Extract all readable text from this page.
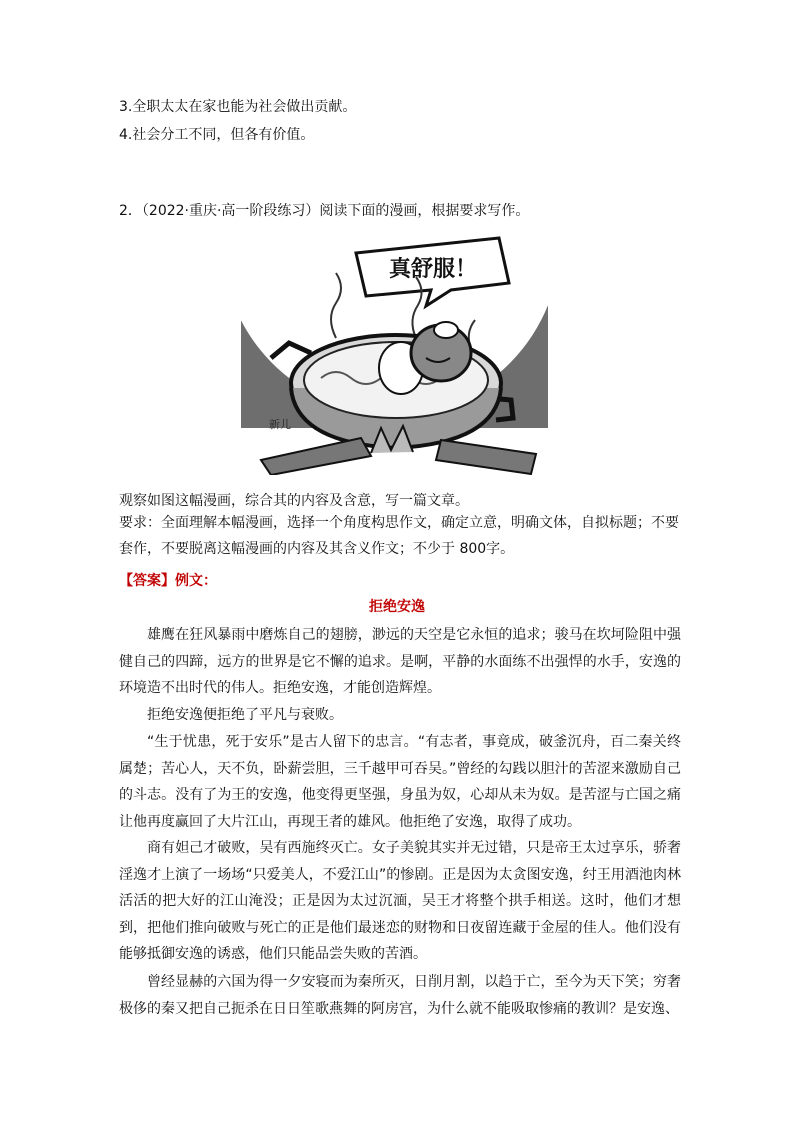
3.全职太太在家也能为社会做出贡献。
4.社会分工不同，但各有价值。
2．（2022·重庆·高一阶段练习）阅读下面的漫画，根据要求写作。
真舒服！
新儿
观察如图这幅漫画，综合其的内容及含意，写一篇文章。
要求：全面理解本幅漫画，选择一个角度构思作文，确定立意，明确文体，自拟标题；不要套作，不要脱离这幅漫画的内容及其含义作文；不少于 800字。
【答案】例文：
拒绝安逸
雄鹰在狂风暴雨中磨炼自己的翅膀，渺远的天空是它永恒的追求；骏马在坎坷险阻中强健自己的四蹄，远方的世界是它不懈的追求。是啊，平静的水面练不出强悍的水手，安逸的环境造不出时代的伟人。拒绝安逸，才能创造辉煌。
拒绝安逸便拒绝了平凡与衰败。
“生于忧患，死于安乐”是古人留下的忠言。“有志者，事竟成，破釜沉舟，百二秦关终属楚；苦心人，天不负，卧薪尝胆，三千越甲可吞吴。”曾经的勾践以胆汁的苦涩来激励自己的斗志。没有了为王的安逸，他变得更坚强，身虽为奴，心却从未为奴。是苦涩与亡国之痛让他再度赢回了大片江山，再现王者的雄风。他拒绝了安逸，取得了成功。
商有妲己才破败，吴有西施终灭亡。女子美貌其实并无过错，只是帝王太过享乐，骄奢淫逸才上演了一场场“只爱美人，不爱江山”的惨剧。正是因为太贪图安逸，纣王用酒池肉林活活的把大好的江山淹没；正是因为太过沉湎，吴王才将整个拱手相送。这时，他们才想到，把他们推向破败与死亡的正是他们最迷恋的财物和日夜留连藏于金屋的佳人。他们没有能够抵御安逸的诱惑，他们只能品尝失败的苦酒。
曾经显赫的六国为得一夕安寝而为秦所灭，日削月割，以趋于亡，至今为天下笑；穷奢极侈的秦又把自己扼杀在日日笙歌燕舞的阿房宫，为什么就不能吸取惨痛的教训？是安逸、
